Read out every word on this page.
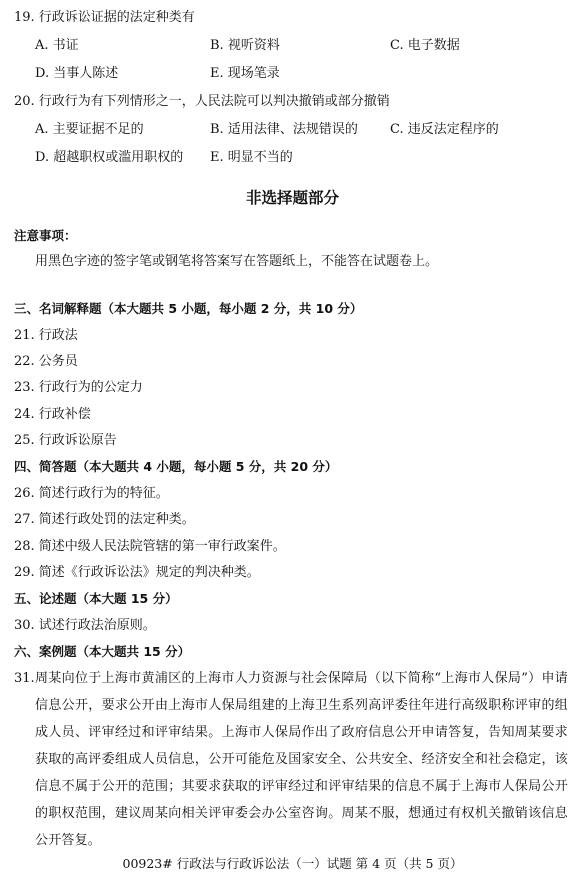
19. 行政诉讼证据的法定种类有
A. 书证	B. 视听资料	C. 电子数据
D. 当事人陈述	E. 现场笔录
20. 行政行为有下列情形之一，人民法院可以判决撤销或部分撤销
A. 主要证据不足的	B. 适用法律、法规错误的 C. 违反法定程序的
D. 超越职权或滥用职权的 E. 明显不当的
非选择题部分
注意事项：
用黑色字迹的签字笔或钢笔将答案写在答题纸上，不能答在试题卷上。
三、名词解释题（本大题共 5 小题，每小题 2 分，共 10 分）
21. 行政法
22. 公务员
23. 行政行为的公定力
24. 行政补偿
25. 行政诉讼原告
四、简答题（本大题共 4 小题，每小题 5 分，共 20 分）
26. 简述行政行为的特征。
27. 简述行政处罚的法定种类。
28. 简述中级人民法院管辖的第一审行政案件。
29. 简述《行政诉讼法》规定的判决种类。
五、论述题（本大题 15 分）
30. 试述行政法治原则。
六、案例题（本大题共 15 分）
31. 周某向位于上海市黄浦区的上海市人力资源与社会保障局（以下简称“上海市人保局”）申请信息公开，要求公开由上海市人保局组建的上海卫生系列高评委往年进行高级职称评审的组成人员、评审经过和评审结果。上海市人保局作出了政府信息公开申请答复，告知周某要求获取的高评委组成人员信息，公开可能危及国家安全、公共安全、经济安全和社会稳定，该信息不属于公开的范围；其要求获取的评审经过和评审结果的信息不属于上海市人保局公开的职权范围，建议周某向相关评审委会办公室咨询。周某不服，想通过有权机关撤销该信息公开答复。
00923# 行政法与行政诉讼法（一）试题 第 4 页（共 5 页）
